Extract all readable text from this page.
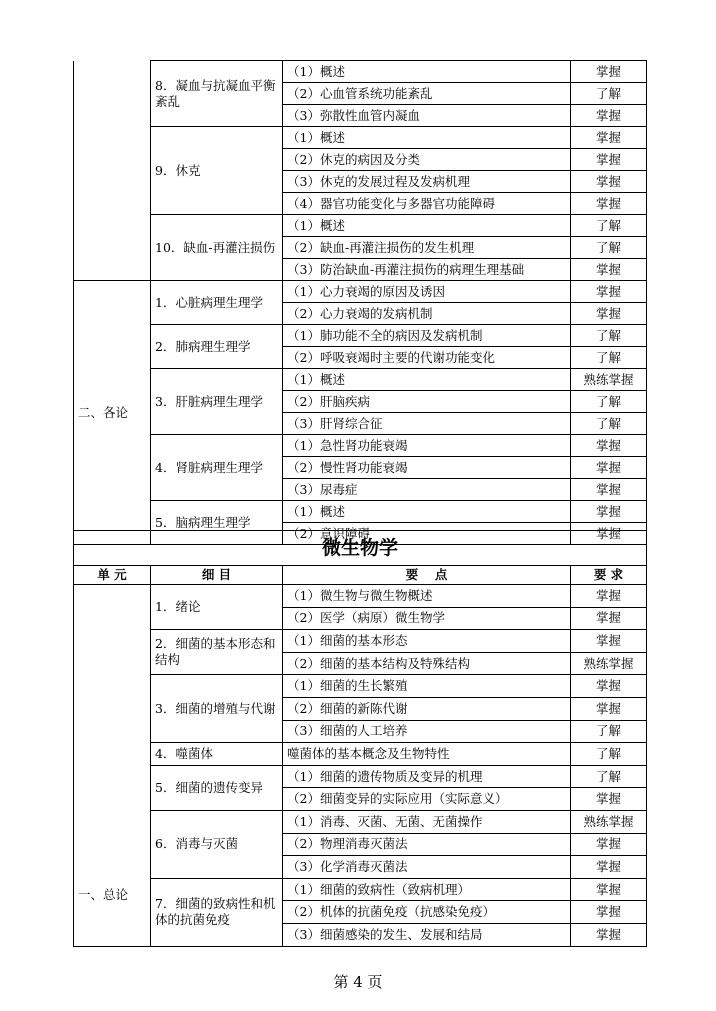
	8．凝血与抗凝血平衡紊乱	（1）概述	掌握
		（2）心血管系统功能紊乱	了解
		（3）弥散性血管内凝血	掌握
	9．休克	（1）概述	掌握
		（2）休克的病因及分类	掌握
		（3）休克的发展过程及发病机理	掌握
		（4）器官功能变化与多器官功能障碍	掌握
	10．缺血-再灌注损伤	（1）概述	了解
		（2）缺血-再灌注损伤的发生机理	了解
		（3）防治缺血-再灌注损伤的病理生理基础	掌握
二、各论	1．心脏病理生理学	（1）心力衰竭的原因及诱因	掌握
		（2）心力衰竭的发病机制	掌握
	2．肺病理生理学	（1）肺功能不全的病因及发病机制	了解
		（2）呼吸衰竭时主要的代谢功能变化	了解
	3．肝脏病理生理学	（1）概述	熟练掌握
		（2）肝脑疾病	了解
		（3）肝肾综合征	了解
	4．肾脏病理生理学	（1）急性肾功能衰竭	掌握
		（2）慢性肾功能衰竭	掌握
		（3）尿毒症	掌握
	5．脑病理生理学	（1）概述	掌握
		（2）意识障碍	掌握
微生物学			
单 元	细 目	要　 点	要 求
一、总论	1．绪论	（1）微生物与微生物概述	掌握
		（2）医学（病原）微生物学	掌握
	2．细菌的基本形态和结构	（1）细菌的基本形态	掌握
		（2）细菌的基本结构及特殊结构	熟练掌握
	3．细菌的增殖与代谢	（1）细菌的生长繁殖	掌握
		（2）细菌的新陈代谢	掌握
		（3）细菌的人工培养	了解
	4．噬菌体	噬菌体的基本概念及生物特性	了解
	5．细菌的遗传变异	（1）细菌的遗传物质及变异的机理	了解
		（2）细菌变异的实际应用（实际意义）	掌握
	6．消毒与灭菌	（1）消毒、灭菌、无菌、无菌操作	熟练掌握
		（2）物理消毒灭菌法	掌握
		（3）化学消毒灭菌法	掌握
	7．细菌的致病性和机体的抗菌免疫	（1）细菌的致病性（致病机理）	掌握
		（2）机体的抗菌免疫（抗感染免疫）	掌握
		（3）细菌感染的发生、发展和结局	掌握
第 4 页
